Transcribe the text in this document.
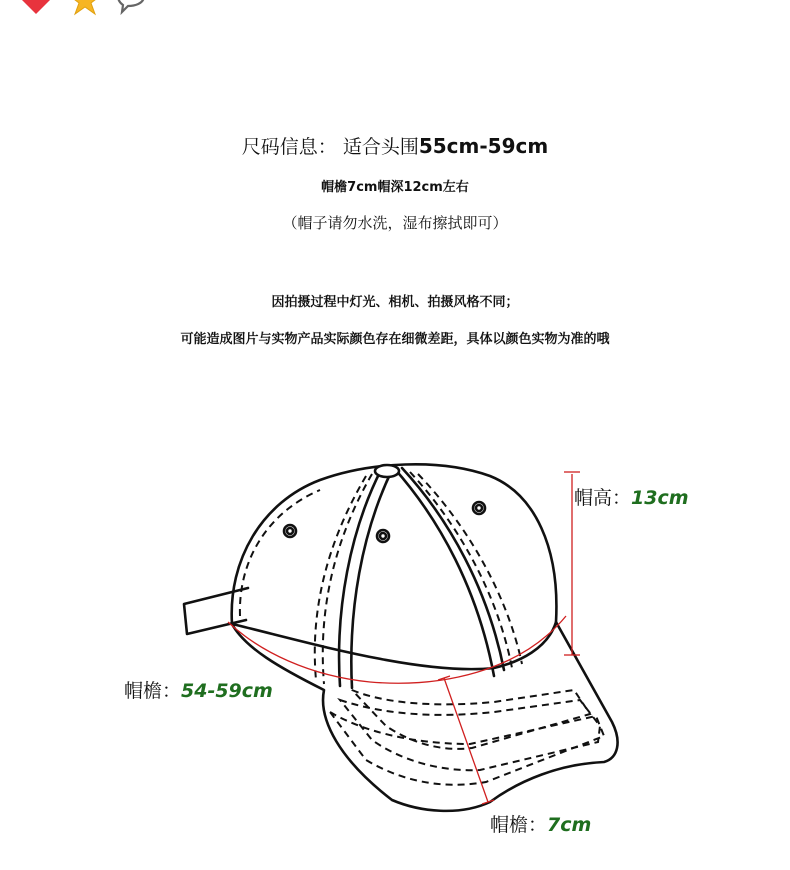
尺码信息： 适合头围55cm-59cm
帽檐7cm帽深12cm左右
（帽子请勿水洗，湿布擦拭即可）
因拍摄过程中灯光、相机、拍摄风格不同；
可能造成图片与实物产品实际颜色存在细微差距，具体以颜色实物为准的哦
帽高：13cm
帽檐：54-59cm
帽檐：7cm
